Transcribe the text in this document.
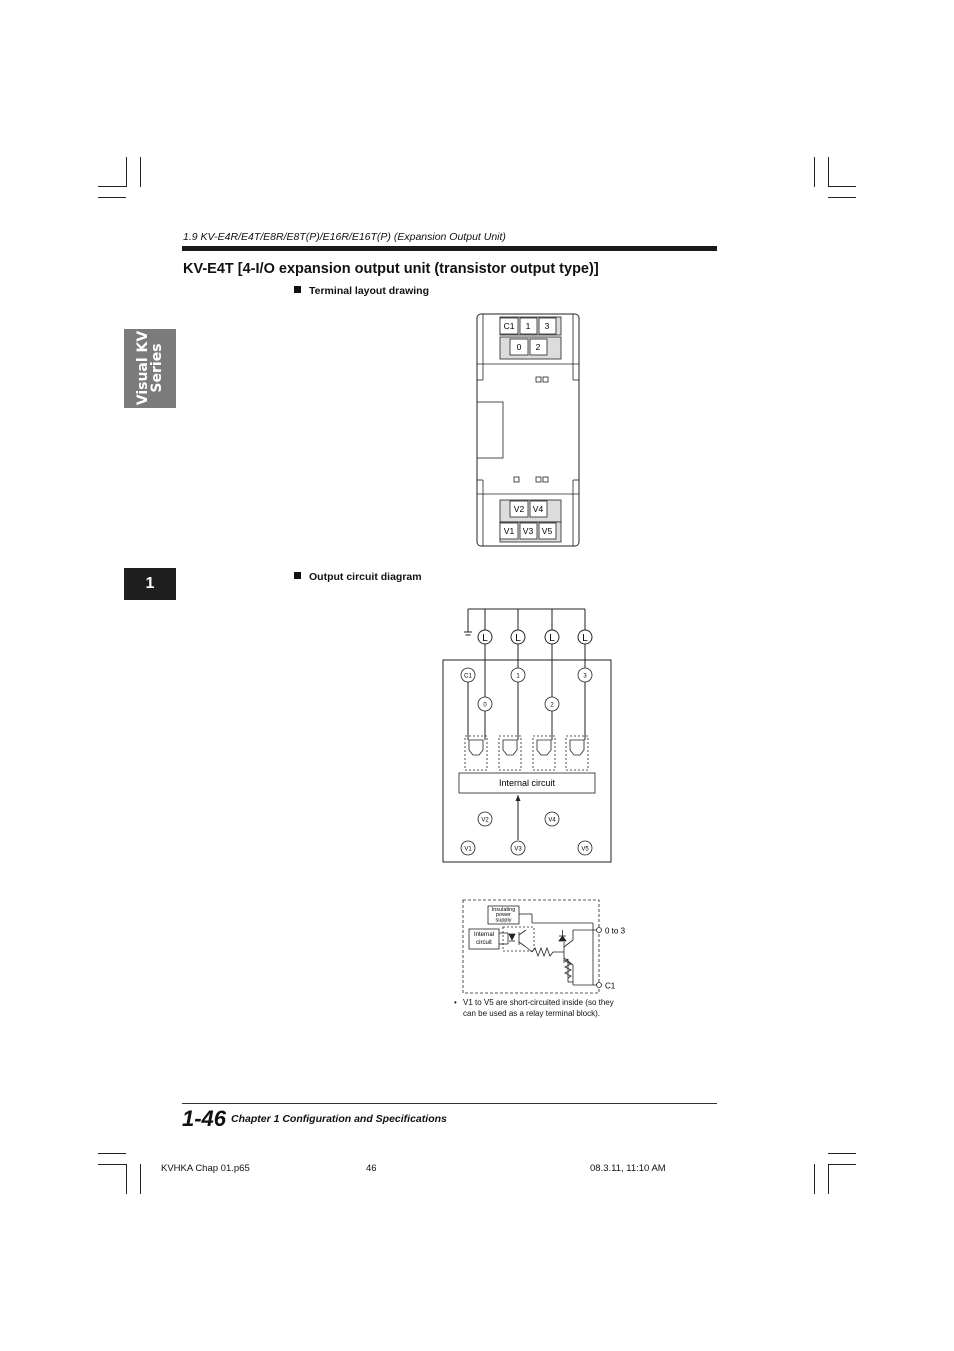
1.9 KV-E4R/E4T/E8R/E8T(P)/E16R/E16T(P) (Expansion Output Unit)
KV-E4T [4-I/O expansion output unit (transistor output type)]
Visual KV
Series
1
Terminal layout drawing
Output circuit diagram
C1 1 3
0 2
V2 V4
V1 V3 V5
L	L	L	L
C1	1	3
0	2
Internal circuit
V2	V4
V1	V3	V5
Insulating
power
supply
Internal
circuit
0 to 3
C1
• V1 to V5 are short-circuited inside (so they can be used as a relay terminal block).
1-46 Chapter 1 Configuration and Specifications
KVHKA Chap 01.p65	46	08.3.11, 11:10 AM
